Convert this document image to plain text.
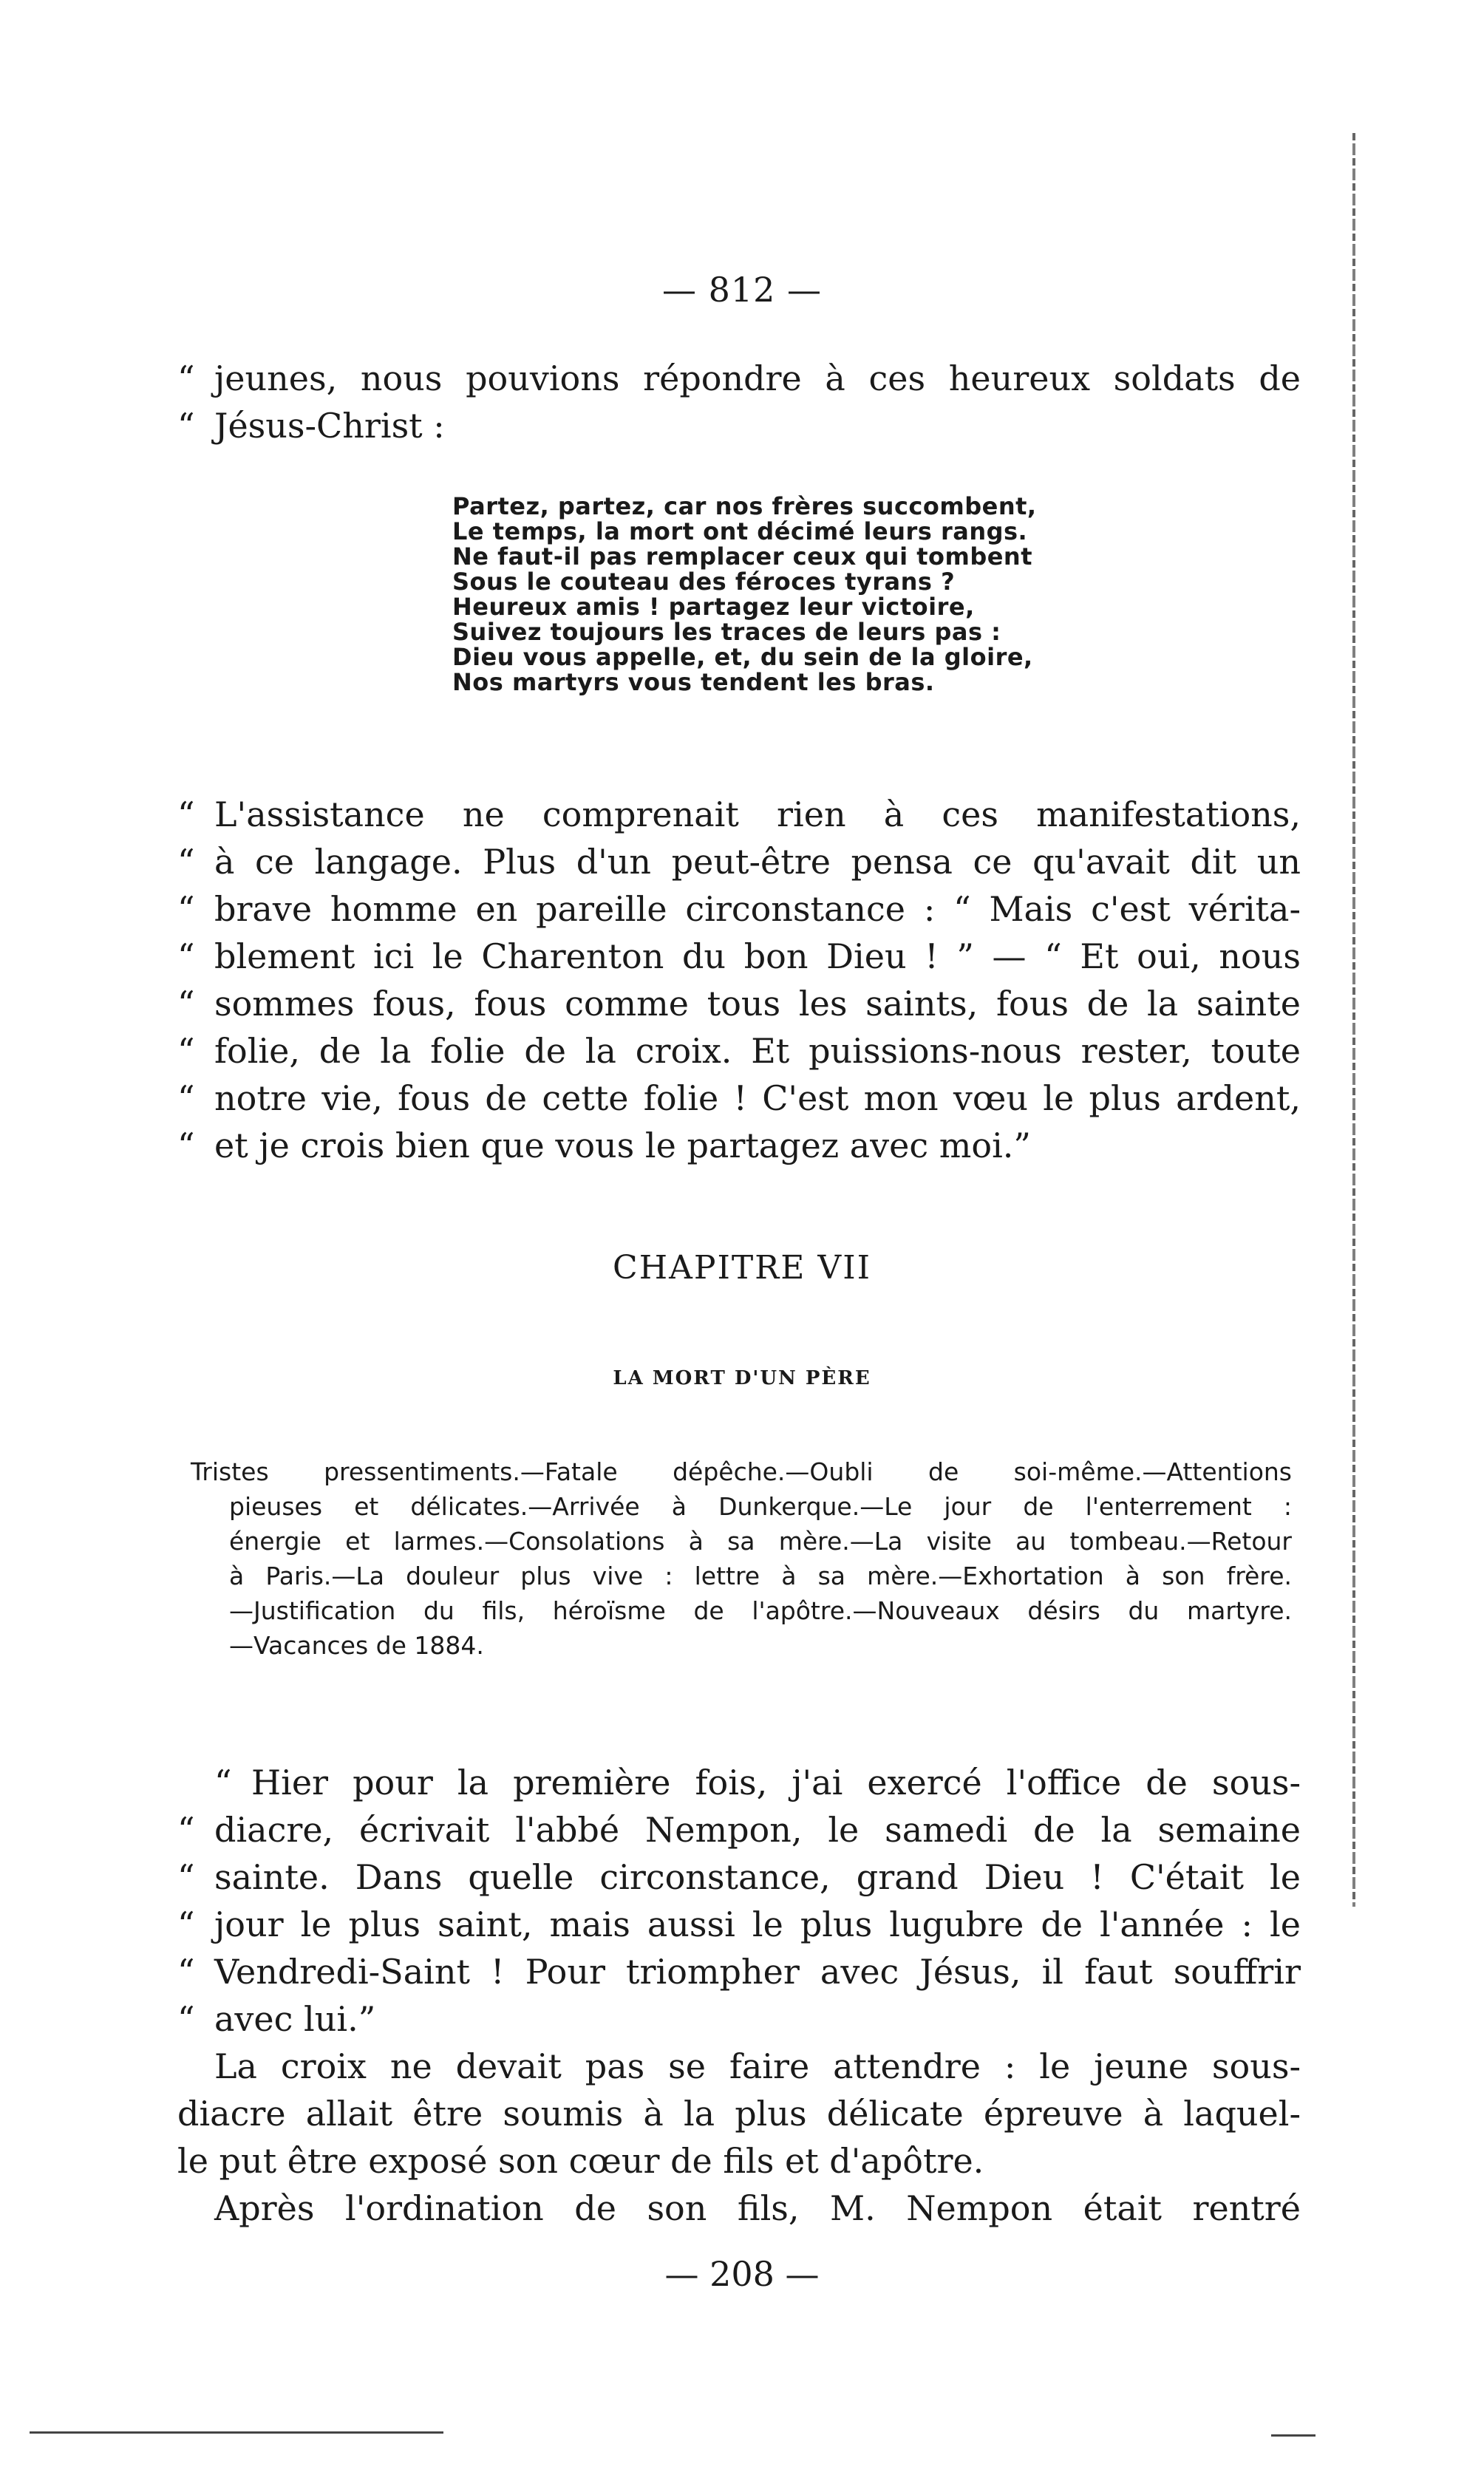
— 812 —
“ jeunes, nous pouvions répondre à ces heureux soldats de
“ Jésus-Christ :
Partez, partez, car nos frères succombent,
Le temps, la mort ont décimé leurs rangs.
Ne faut-il pas remplacer ceux qui tombent
Sous le couteau des féroces tyrans ?
Heureux amis ! partagez leur victoire,
Suivez toujours les traces de leurs pas :
Dieu vous appelle, et, du sein de la gloire,
Nos martyrs vous tendent les bras.
“ L'assistance ne comprenait rien à ces manifestations,
“ à ce langage. Plus d'un peut-être pensa ce qu'avait dit un
“ brave homme en pareille circonstance : “ Mais c'est vérita-
“ blement ici le Charenton du bon Dieu ! ” — “ Et oui, nous
“ sommes fous, fous comme tous les saints, fous de la sainte
“ folie, de la folie de la croix. Et puissions-nous rester, toute
“ notre vie, fous de cette folie ! C'est mon vœu le plus ardent,
“ et je crois bien que vous le partagez avec moi.”
CHAPITRE VII
LA MORT D'UN PÈRE
Tristes pressentiments.—Fatale dépêche.—Oubli de soi-même.—Attentions
pieuses et délicates.—Arrivée à Dunkerque.—Le jour de l'enterrement :
énergie et larmes.—Consolations à sa mère.—La visite au tombeau.—Retour
à Paris.—La douleur plus vive : lettre à sa mère.—Exhortation à son frère.
—Justification du fils, héroïsme de l'apôtre.—Nouveaux désirs du martyre.
—Vacances de 1884.
“ Hier pour la première fois, j'ai exercé l'office de sous-
“ diacre, écrivait l'abbé Nempon, le samedi de la semaine
“ sainte. Dans quelle circonstance, grand Dieu ! C'était le
“ jour le plus saint, mais aussi le plus lugubre de l'année : le
“ Vendredi-Saint ! Pour triompher avec Jésus, il faut souffrir
“ avec lui.”
La croix ne devait pas se faire attendre : le jeune sous-
diacre allait être soumis à la plus délicate épreuve à laquel-
le put être exposé son cœur de fils et d'apôtre.
Après l'ordination de son fils, M. Nempon était rentré
— 208 —
